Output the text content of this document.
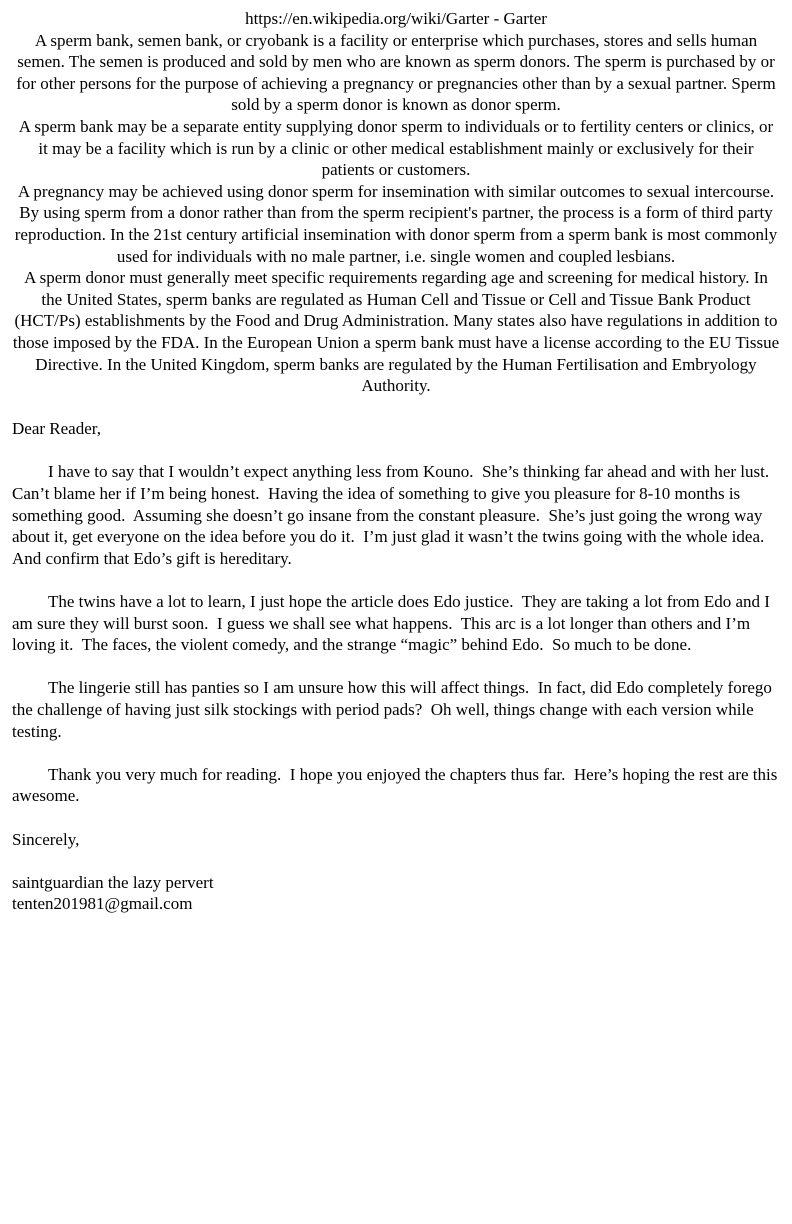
https://en.wikipedia.org/wiki/Garter - Garter

A sperm bank, semen bank, or cryobank is a facility or enterprise which purchases, stores and sells human semen. The semen is produced and sold by men who are known as sperm donors. The sperm is purchased by or for other persons for the purpose of achieving a pregnancy or pregnancies other than by a sexual partner. Sperm sold by a sperm donor is known as donor sperm.

A sperm bank may be a separate entity supplying donor sperm to individuals or to fertility centers or clinics, or it may be a facility which is run by a clinic or other medical establishment mainly or exclusively for their patients or customers.

A pregnancy may be achieved using donor sperm for insemination with similar outcomes to sexual intercourse. By using sperm from a donor rather than from the sperm recipient's partner, the process is a form of third party reproduction. In the 21st century artificial insemination with donor sperm from a sperm bank is most commonly used for individuals with no male partner, i.e. single women and coupled lesbians.

A sperm donor must generally meet specific requirements regarding age and screening for medical history. In the United States, sperm banks are regulated as Human Cell and Tissue or Cell and Tissue Bank Product (HCT/Ps) establishments by the Food and Drug Administration. Many states also have regulations in addition to those imposed by the FDA. In the European Union a sperm bank must have a license according to the EU Tissue Directive. In the United Kingdom, sperm banks are regulated by the Human Fertilisation and Embryology Authority.

Dear Reader,

I have to say that I wouldn’t expect anything less from Kouno.  She’s thinking far ahead and with her lust.  Can’t blame her if I’m being honest.  Having the idea of something to give you pleasure for 8-10 months is something good.  Assuming she doesn’t go insane from the constant pleasure.  She’s just going the wrong way about it, get everyone on the idea before you do it.  I’m just glad it wasn’t the twins going with the whole idea.  And confirm that Edo’s gift is hereditary.

The twins have a lot to learn, I just hope the article does Edo justice.  They are taking a lot from Edo and I am sure they will burst soon.  I guess we shall see what happens.  This arc is a lot longer than others and I’m loving it.  The faces, the violent comedy, and the strange “magic” behind Edo.  So much to be done.

The lingerie still has panties so I am unsure how this will affect things.  In fact, did Edo completely forego the challenge of having just silk stockings with period pads?  Oh well, things change with each version while testing.

Thank you very much for reading.  I hope you enjoyed the chapters thus far.  Here’s hoping the rest are this awesome.

Sincerely,

saintguardian the lazy pervert

tenten201981@gmail.com
